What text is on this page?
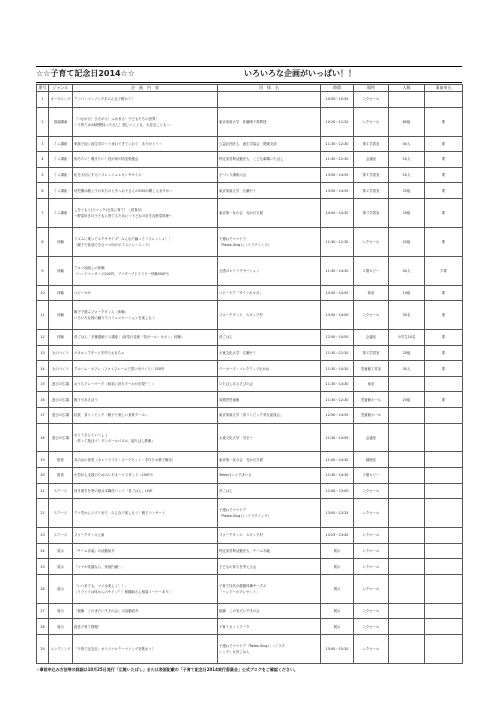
☆☆子育て記念日2014☆☆	いろいろな企画がいっぱい！！
番号	ジャンル	企　画　内　容	団　体　名	時間	場所	人数	事前申込
1	オープニング	アンパンマンソングをみんなで歌おう！		10:50〜10:55	レクホール		
2	基調講演	「つながる！ひろがる！ふかまる！子どもたちの世界！
〜子育ては24時間待ったなし！嬉しいことも、大変なことも〜」	東京家政大学　佐藤晴子准教授	10:20〜11:20	レクホール	80組	要
3	ミニ講座	家族で迎く誕生学の〜うまれてきてくれて　ありがとう〜	公益社団法人　誕生学協会　関東支部	11:30〜12:30	第１学習室	40人	要
4	ミニ講座	知ろたい！聞きたい！役が家の防災勉強会	特定非営利活動法人　こども劇場いたばし	11:30〜12:30	会議室	20人	要
5	ミニ講座	私を大切にするリフレッシュエキシササイズ	子づくり講座の会	13:50〜14:50	第１学習室	20人	要
6	ミニ講座	幼児期は親と子の末ちのときへお子さんのSOSが聞こえますか〜	東京家政大学　広瀬ゼミ	13:50〜14:50	第２学習室	25組	要
7	ミニ講座	しをぐもぐ(ジャンク)元気に育て！（試食付）
〜野菜好きの子どもに育てるために〜子どもの好きな野菜料理〜	東京第一友の会　光が丘方面	14:00〜14:30	第３学習室	20組	要
8	体験	リズムに乗ってエクササイズ！みんなで踊ってリフレッシュ！！
（親子で参加できるママ向けボイストレーニング）	子連れでママケア
『Relax-Sing♪』（リラクシング）	11:30〜12:30	レクホール	25組	要
9	体験	アロマ油溶しの体験
（ハンドマッサージ200円、ブリザーブドフラワー体験500円）	五感ｄｅリラクゼーション	11:30〜14:30	２階ロビー	40人	不要
10	体験	ベビーヨガ	ベビーケア「サイン＆ヨガ」	13:50〜14:50	和室	10組	要
11	体験	親子で遊ぶフォークダンス（体験）
いろいろな国の踊りでコミュニケーションを楽しもう	フォークダンス　スキップ村	13:50〜14:50	レクホール	30名	要
12	体験	昔ごはん「多様漫画ミニ講座」（南瓜行並新「拾ボール・カボン」体験）	昔ごはん	12:50〜14:50	会議室	小学生10名	要
13	ものづくり	パネルシアターと手作りおもちゃ	大東文化大学　広瀬ゼミ	11:30〜12:30	第２学習室	25組	要
14	ものづくり	アルバム・カフェ（フォトフレームで思い出づくり）200円	ワーカーズ・コレクティブ止がね	11:30〜14:30	児童館工作室	30人	要
15	遊びの広場	おうちプレーパーク（和室に折大プールが出現？！）	いたばしあるそびの会	11:30〜14:30	和室		
16	遊びの広場	親子であそぼう	成増児児童館	11:30〜12:30	児童館ホール	25組	要
17	遊びの広場	抗抵　食リンピック（親子で楽しい食育ゲーム）	東京家政大学「食リンピック実行委員会」	12:50〜14:50	児童館ホール		
18	遊びの広場	おとうさんといっしょ
（作って遊ぼう！ダンボールパズル、割りばし鉄砲）	大東文化大学　呉ゼミ	11:30〜14:50	会議室		
19	飲食	友の会の食堂（カレーライス・スープセット・手作りお菓子販売）	東京第一友の会　光が丘方面	11:00〜14:30	調理室		
20	飲食	小児がん支援のためのレモネードスタンド（100円）	Teamはっとすまいる	11:30〜14:30	２階ロビー		
21	ステージ	同き書きを寄の邸兵本舞伴バンド「昔ごはん」LIVE	昔ごはん	12:40〜13:00	レクホール		
22	ステージ	アナ雪からジブリまで　みんなで楽しもう！親子コンサート	子連れでママケア
『Relax-Sing♪』（リラクシング）	13:00〜13:25	レクホール		
23	ステージ	フォークダンス公演	フォークダンス　スキップ村	13:25〜13:40	レクホール		
24	展示	「チーム赤堀」の活動紹介	特定非営利活動法人　チーム赤堀	展示	レクホール		
25	展示	「ママが笑顔なら、家庭円満！」	子どもの育ちを考える会	展示	レクホール		
26	展示	「いつまでも、ママは美しく！！」
（イライラは体からのサイン？！保健師さん相談コーナーあり）	子育て以代の健康体操サークル
「ハッピーのプレゼント」	展示	レクホール		
27	展示	「板橋　このまだいすきの会」の活動紹介	板橋　このまだいすきの会	展示	レクホール		
28	展示	夜長子育て情報！	子育てネットワーク	展示	レクホール		
29	エンディング	「子育て記念日」オリジナルテーマソングを歌おう！	子連れでママケア「Relax-Sing♪」（リラク
シング）＆昔ごはん	15:00〜15:30	レクホール		
☆事前申込み方法等の詳細は10月25日発行「広報いたばし」または表面記載の「子育て記念日2014実行委員会」公式ブログをご確認ください。
